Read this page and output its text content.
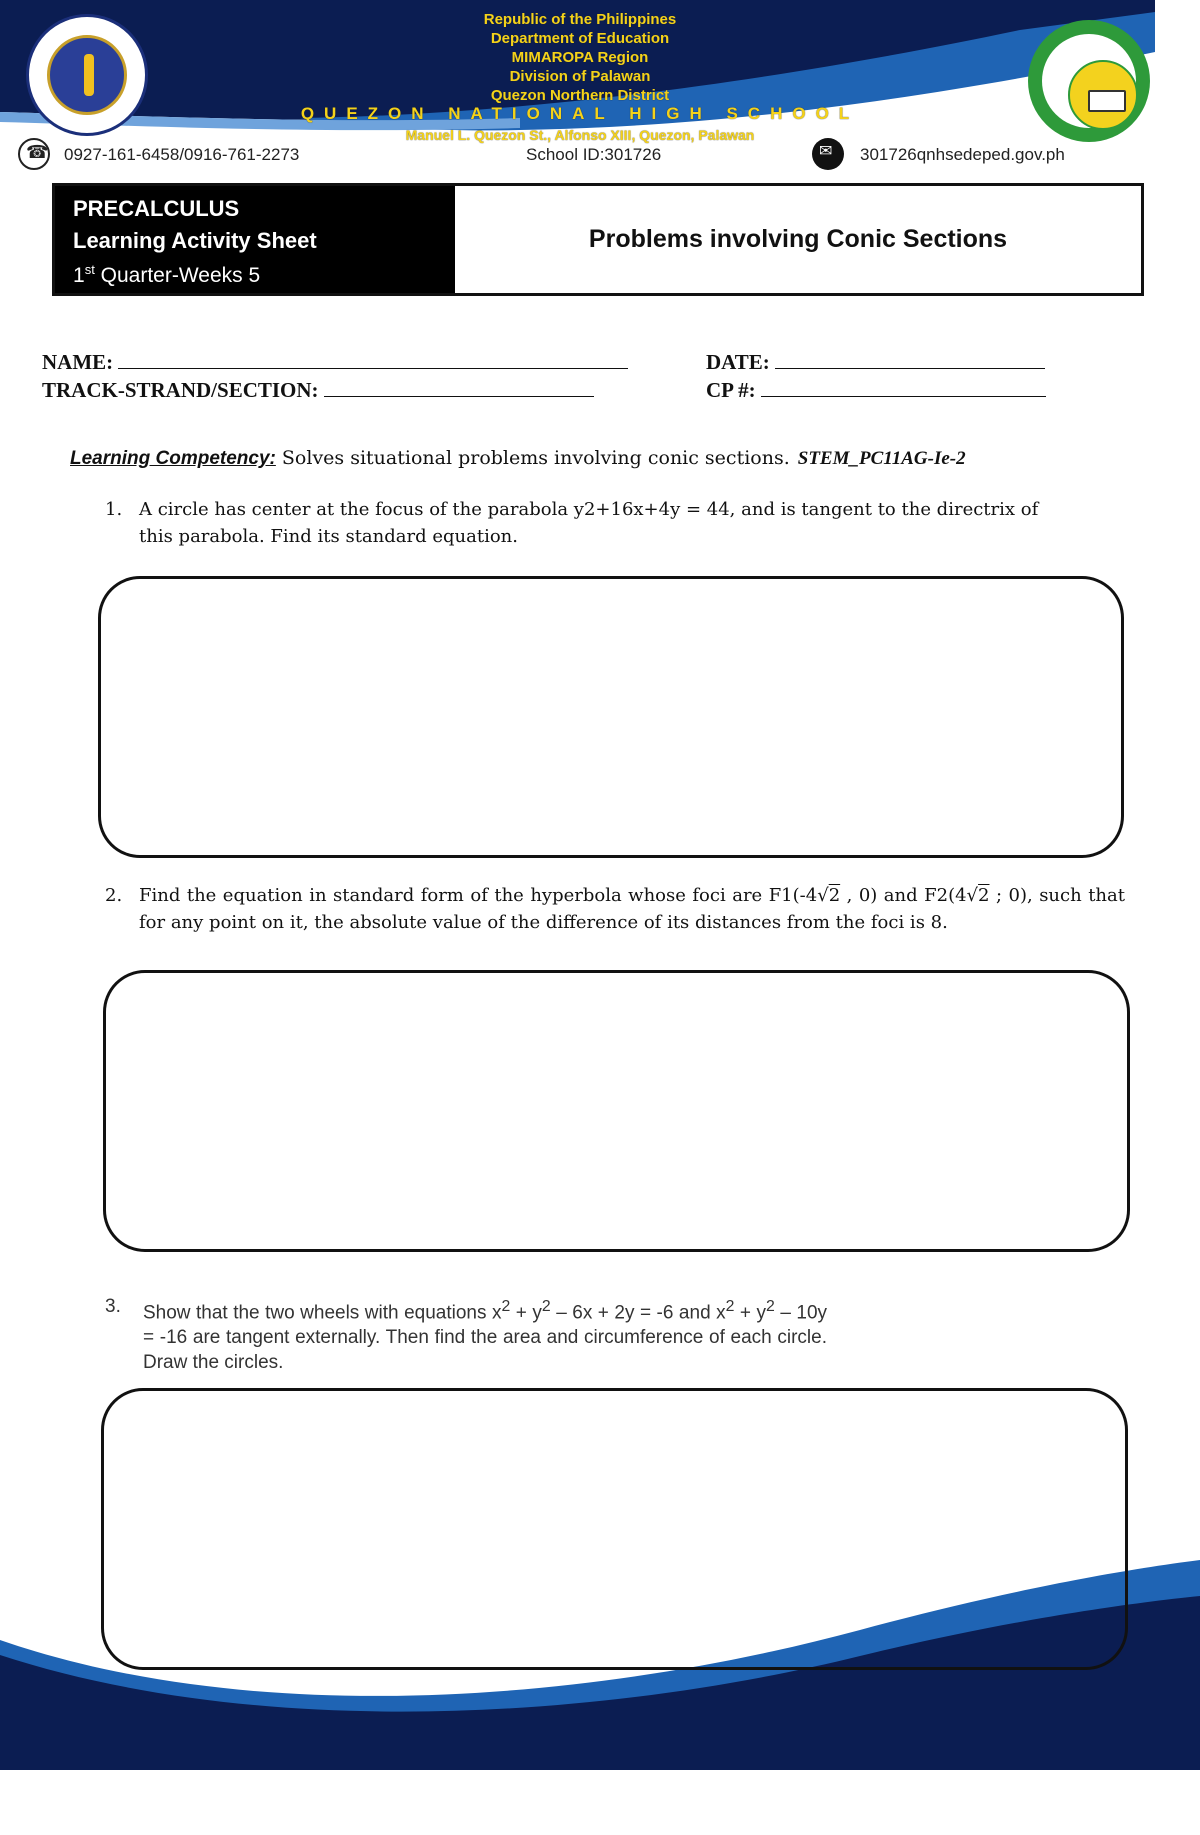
Republic of the Philippines
Department of Education
MIMAROPA Region
Division of Palawan
Quezon Northern District
QUEZON NATIONAL HIGH SCHOOL
Manuel L. Quezon St., Alfonso XIII, Quezon, Palawan
☎
0927-161-6458/0916-761-2273	School ID:301726 ✉	301726qnhsedeped.gov.ph
PRECALCULUS
Learning Activity Sheet
1st Quarter-Weeks 5
Problems involving Conic Sections
NAME:
TRACK-STRAND/SECTION:
DATE:
CP #:
Learning Competency: Solves situational problems involving conic sections. STEM_PC11AG-Ie-2
1. A circle has center at the focus of the parabola y2+16x+4y = 44, and is tangent to the directrix of this parabola. Find its standard equation.
2. Find the equation in standard form of the hyperbola whose foci are F1(-4√2 , 0) and F2(4√2 ; 0), such that for any point on it, the absolute value of the difference of its distances from the foci is 8.
3. Show that the two wheels with equations $x^2 + y^2 - 6x + 2y = -6$ and $x^2 + y^2 - 10y = -16$ are tangent externally. Then find the area and circumference of each circle. Draw the circles.
